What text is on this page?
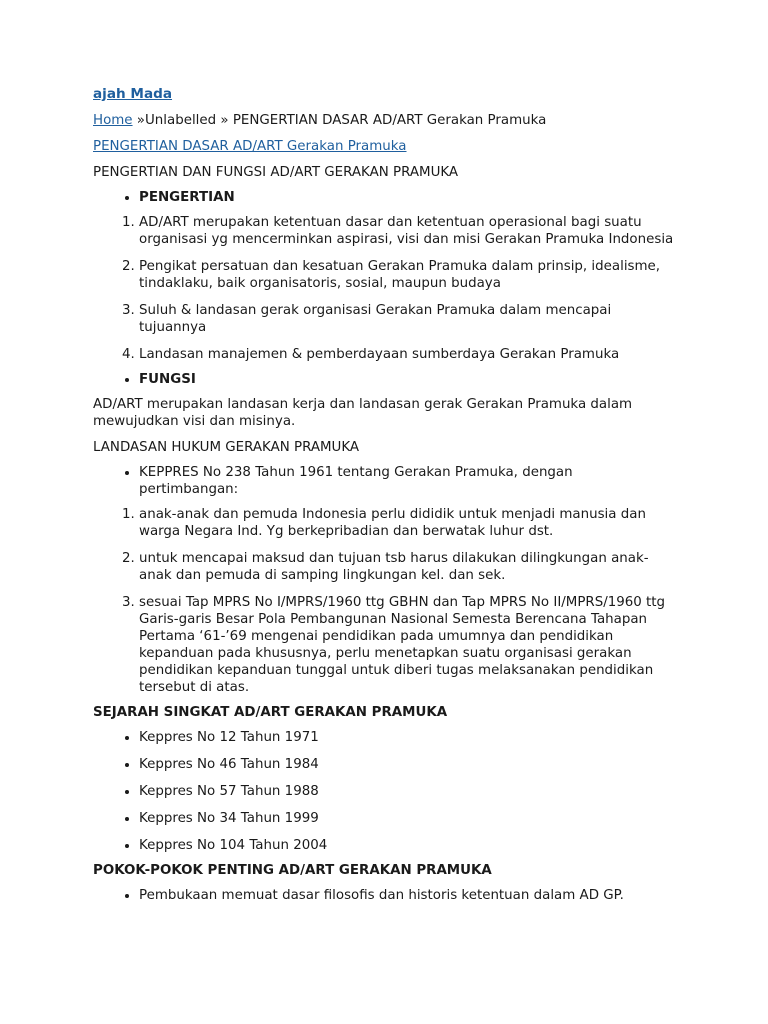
ajah Mada
Home »Unlabelled » PENGERTIAN DASAR AD/ART Gerakan Pramuka
PENGERTIAN DASAR AD/ART Gerakan Pramuka
PENGERTIAN DAN FUNGSI AD/ART GERAKAN PRAMUKA
• PENGERTIAN
1. AD/ART merupakan ketentuan dasar dan ketentuan operasional bagi suatu organisasi yg mencerminkan aspirasi, visi dan misi Gerakan Pramuka Indonesia
2. Pengikat persatuan dan kesatuan Gerakan Pramuka dalam prinsip, idealisme, tindaklaku, baik organisatoris, sosial, maupun budaya
3. Suluh & landasan gerak organisasi Gerakan Pramuka dalam mencapai tujuannya
4. Landasan manajemen & pemberdayaan sumberdaya Gerakan Pramuka
• FUNGSI
AD/ART merupakan landasan kerja dan landasan gerak Gerakan Pramuka dalam mewujudkan visi dan misinya.
LANDASAN HUKUM GERAKAN PRAMUKA
• KEPPRES No 238 Tahun 1961 tentang Gerakan Pramuka, dengan pertimbangan:
1. anak-anak dan pemuda Indonesia perlu dididik untuk menjadi manusia dan warga Negara Ind. Yg berkepribadian dan berwatak luhur dst.
2. untuk mencapai maksud dan tujuan tsb harus dilakukan dilingkungan anak-anak dan pemuda di samping lingkungan kel. dan sek.
3. sesuai Tap MPRS No I/MPRS/1960 ttg GBHN dan Tap MPRS No II/MPRS/1960 ttg Garis-garis Besar Pola Pembangunan Nasional Semesta Berencana Tahapan Pertama ‘61-’69 mengenai pendidikan pada umumnya dan pendidikan kepanduan pada khususnya, perlu menetapkan suatu organisasi gerakan pendidikan kepanduan tunggal untuk diberi tugas melaksanakan pendidikan tersebut di atas.
SEJARAH SINGKAT AD/ART GERAKAN PRAMUKA
• Keppres No 12 Tahun 1971
• Keppres No 46 Tahun 1984
• Keppres No 57 Tahun 1988
• Keppres No 34 Tahun 1999
• Keppres No 104 Tahun 2004
POKOK-POKOK PENTING AD/ART GERAKAN PRAMUKA
• Pembukaan memuat dasar filosofis dan historis ketentuan dalam AD GP.
